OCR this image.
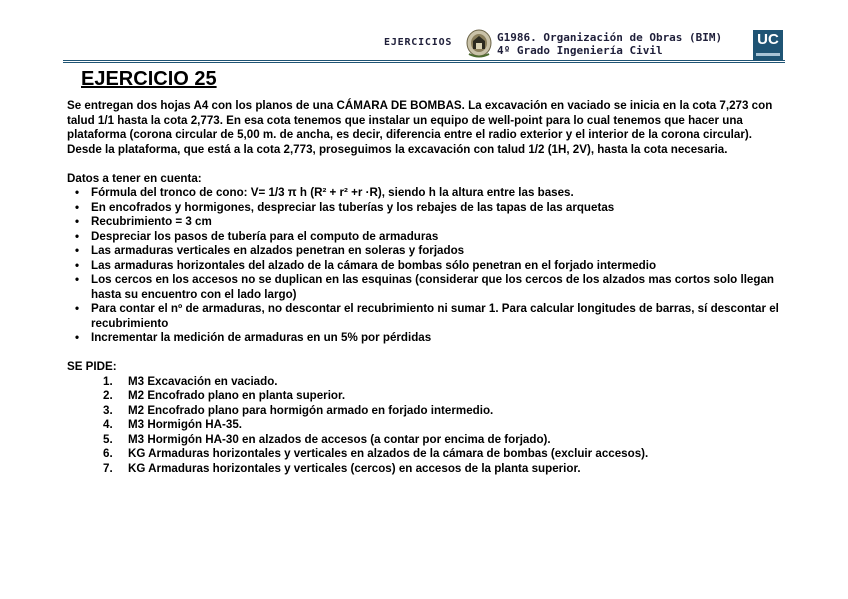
EJERCICIOS	G1986. Organización de Obras (BIM)
4º Grado Ingeniería Civil
UC
EJERCICIO 25

Se entregan dos hojas A4 con los planos de una CÁMARA DE BOMBAS. La excavación en vaciado se inicia en la cota 7,273 con talud 1/1 hasta la cota 2,773. En esa cota tenemos que instalar un equipo de well-point para lo cual tenemos que hacer una plataforma (corona circular de 5,00 m. de ancha, es decir, diferencia entre el radio exterior y el interior de la corona circular). Desde la plataforma, que está a la cota 2,773, proseguimos la excavación con talud 1/2 (1H, 2V), hasta la cota necesaria.

Datos a tener en cuenta:

• Fórmula del tronco de cono: V= 1/3 π h (R² + r² +r ·R), siendo h la altura entre las bases.
• En encofrados y hormigones, despreciar las tuberías y los rebajes de las tapas de las arquetas
• Recubrimiento = 3 cm
• Despreciar los pasos de tubería para el computo de armaduras
• Las armaduras verticales en alzados penetran en soleras y forjados
• Las armaduras horizontales del alzado de la cámara de bombas sólo penetran en el forjado intermedio
• Los cercos en los accesos no se duplican en las esquinas (considerar que los cercos de los alzados mas cortos solo llegan hasta su encuentro con el lado largo)
• Para contar el nº de armaduras, no descontar el recubrimiento ni sumar 1. Para calcular longitudes de barras, sí descontar el recubrimiento
• Incrementar la medición de armaduras en un 5% por pérdidas

SE PIDE:

1.	M3 Excavación en vaciado.
2.	M2 Encofrado plano en planta superior.
3.	M2 Encofrado plano para hormigón armado en forjado intermedio.
4.	M3 Hormigón HA-35.
5.	M3 Hormigón HA-30 en alzados de accesos (a contar por encima de forjado).
6.	KG Armaduras horizontales y verticales en alzados de la cámara de bombas (excluir accesos).
7.	KG Armaduras horizontales y verticales (cercos) en accesos de la planta superior.
